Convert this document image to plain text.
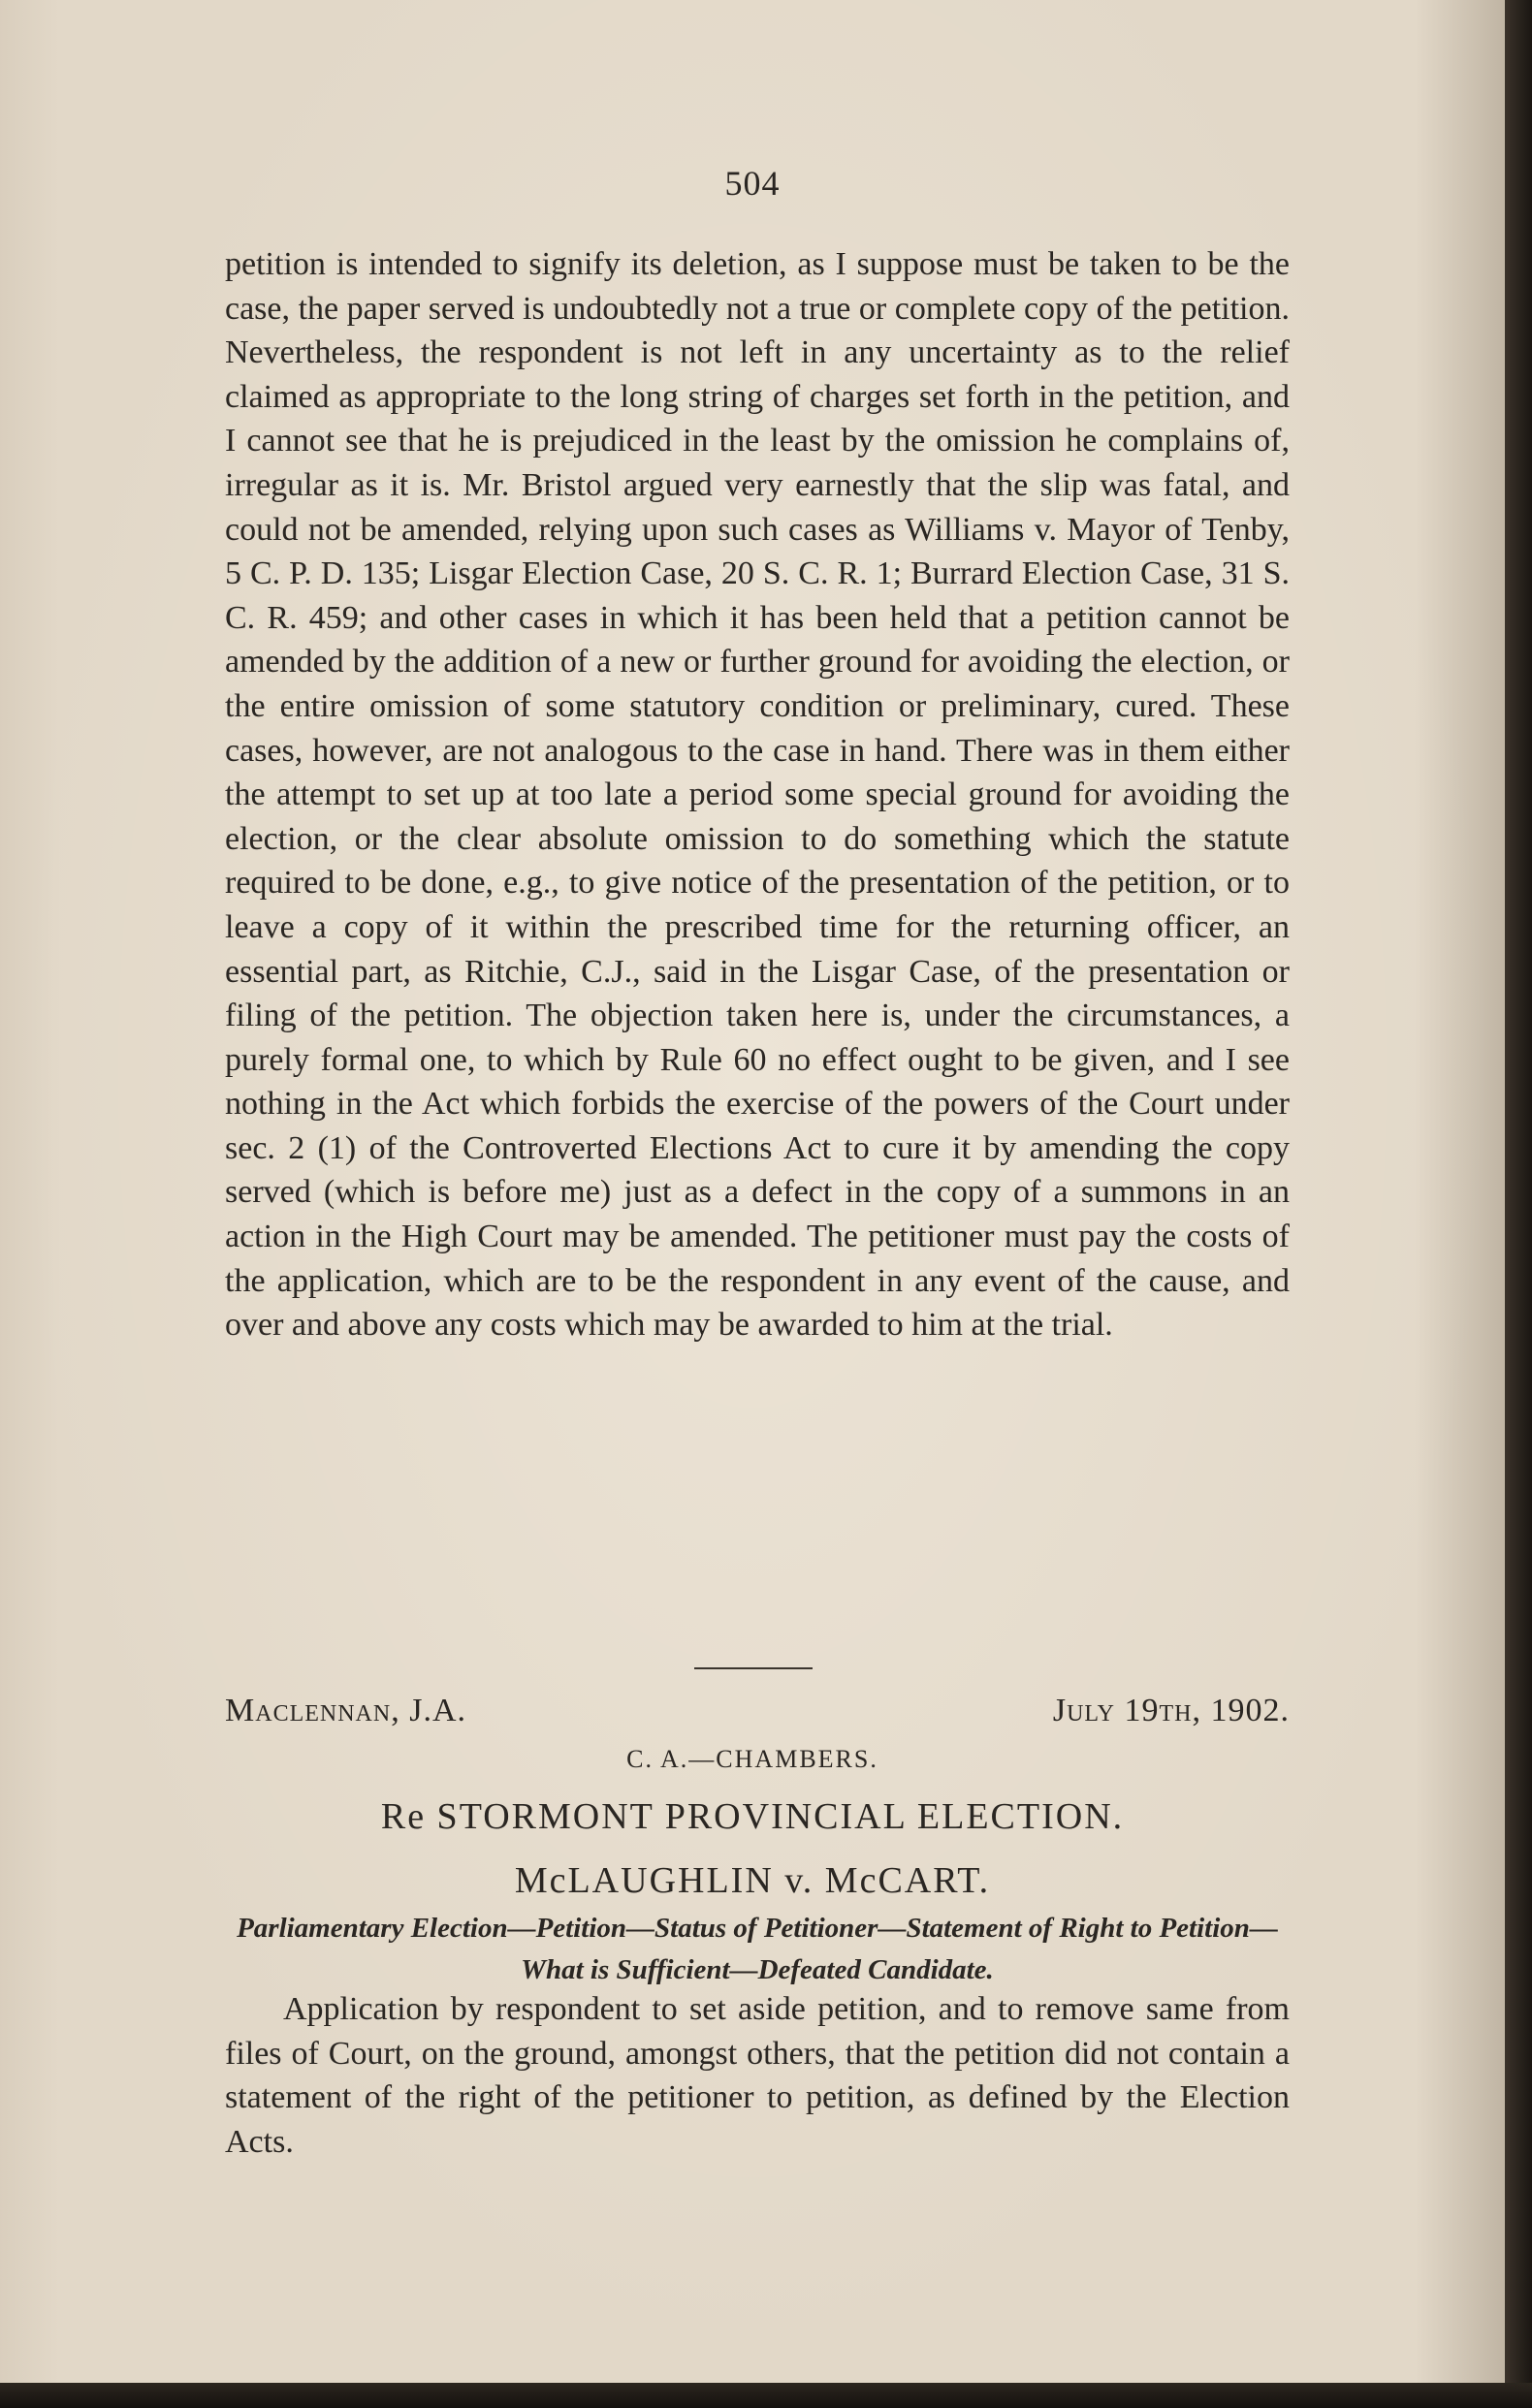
504

petition is intended to signify its deletion, as I suppose must be taken to be the case, the paper served is undoubtedly not a true or complete copy of the petition. Nevertheless, the respondent is not left in any uncertainty as to the relief claimed as appropriate to the long string of charges set forth in the petition, and I cannot see that he is prejudiced in the least by the omission he complains of, irregular as it is. Mr. Bristol argued very earnestly that the slip was fatal, and could not be amended, relying upon such cases as Williams v. Mayor of Tenby, 5 C. P. D. 135; Lisgar Election Case, 20 S. C. R. 1; Burrard Election Case, 31 S. C. R. 459; and other cases in which it has been held that a petition cannot be amended by the addition of a new or further ground for avoiding the election, or the entire omission of some statutory condition or preliminary, cured. These cases, however, are not analogous to the case in hand. There was in them either the attempt to set up at too late a period some special ground for avoiding the election, or the clear absolute omission to do something which the statute required to be done, e.g., to give notice of the presentation of the petition, or to leave a copy of it within the prescribed time for the returning officer, an essential part, as Ritchie, C.J., said in the Lisgar Case, of the presentation or filing of the petition. The objection taken here is, under the circumstances, a purely formal one, to which by Rule 60 no effect ought to be given, and I see nothing in the Act which forbids the exercise of the powers of the Court under sec. 2 (1) of the Controverted Elections Act to cure it by amending the copy served (which is before me) just as a defect in the copy of a summons in an action in the High Court may be amended. The petitioner must pay the costs of the application, which are to be the respondent in any event of the cause, and over and above any costs which may be awarded to him at the trial.

Maclennan, J.A.	July 19th, 1902.
C. A.—CHAMBERS.
Re STORMONT PROVINCIAL ELECTION.
McLAUGHLIN v. McCART.

Parliamentary Election—Petition—Status of Petitioner—Statement of Right to Petition—What is Sufficient—Defeated Candidate.

Application by respondent to set aside petition, and to remove same from files of Court, on the ground, amongst others, that the petition did not contain a statement of the right of the petitioner to petition, as defined by the Election Acts.
